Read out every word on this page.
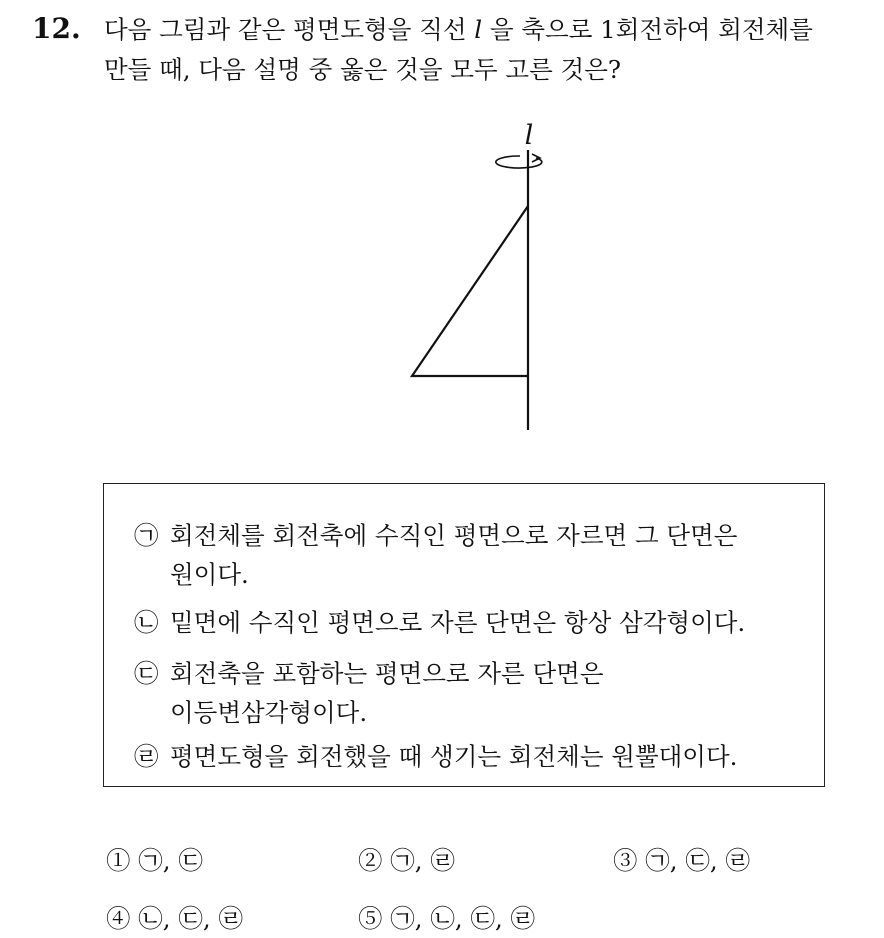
12. 다음 그림과 같은 평면도형을 직선 l 을 축으로 1회전하여 회전체를
만들 때, 다음 설명 중 옳은 것을 모두 고른 것은?
l
㉠ 회전체를 회전축에 수직인 평면으로 자르면 그 단면은
원이다.
㉡ 밑면에 수직인 평면으로 자른 단면은 항상 삼각형이다.
㉢ 회전축을 포함하는 평면으로 자른 단면은
이등변삼각형이다.
㉣ 평면도형을 회전했을 때 생기는 회전체는 원뿔대이다.
① ㉠, ㉢	② ㉠, ㉣	③ ㉠, ㉢, ㉣
④ ㉡, ㉢, ㉣	⑤ ㉠, ㉡, ㉢, ㉣
